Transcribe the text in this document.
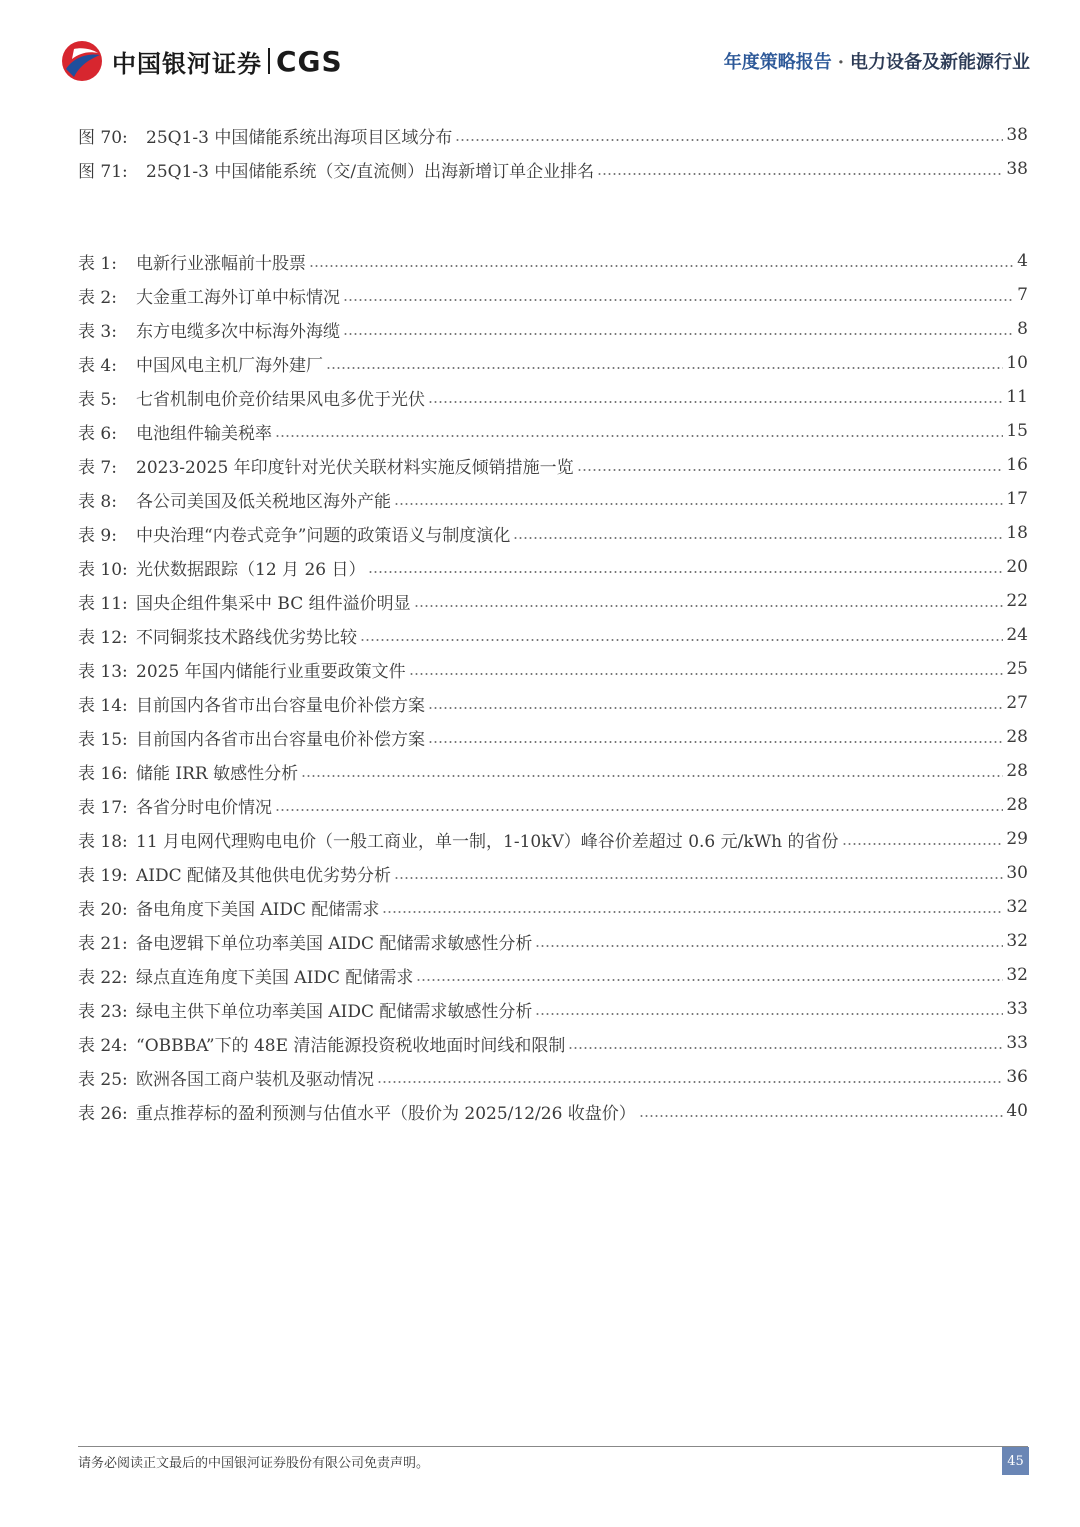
中国银河证券 CGS	年度策略报告 · 电力设备及新能源行业
图 70:	25Q1-3 中国储能系统出海项目区域分布	38
图 71:	25Q1-3 中国储能系统（交/直流侧）出海新增订单企业排名	38
表 1:	电新行业涨幅前十股票	4
表 2:	大金重工海外订单中标情况	7
表 3:	东方电缆多次中标海外海缆	8
表 4:	中国风电主机厂海外建厂	10
表 5:	七省机制电价竞价结果风电多优于光伏	11
表 6:	电池组件输美税率	15
表 7:	2023-2025 年印度针对光伏关联材料实施反倾销措施一览	16
表 8:	各公司美国及低关税地区海外产能	17
表 9:	中央治理“内卷式竞争”问题的政策语义与制度演化	18
表 10: 光伏数据跟踪（12 月 26 日）	20
表 11: 国央企组件集采中 BC 组件溢价明显	22
表 12: 不同铜浆技术路线优劣势比较	24
表 13: 2025 年国内储能行业重要政策文件	25
表 14: 目前国内各省市出台容量电价补偿方案	27
表 15: 目前国内各省市出台容量电价补偿方案	28
表 16: 储能 IRR 敏感性分析	28
表 17: 各省分时电价情况	28
表 18: 11 月电网代理购电电价（一般工商业，单一制，1-10kV）峰谷价差超过 0.6 元/kWh 的省份	29
表 19: AIDC 配储及其他供电优劣势分析	30
表 20: 备电角度下美国 AIDC 配储需求	32
表 21: 备电逻辑下单位功率美国 AIDC 配储需求敏感性分析	32
表 22: 绿点直连角度下美国 AIDC 配储需求	32
表 23: 绿电主供下单位功率美国 AIDC 配储需求敏感性分析	33
表 24: “OBBBA”下的 48E 清洁能源投资税收地面时间线和限制	33
表 25: 欧洲各国工商户装机及驱动情况	36
表 26: 重点推荐标的盈利预测与估值水平（股价为 2025/12/26 收盘价）	40
请务必阅读正文最后的中国银河证券股份有限公司免责声明。	45
